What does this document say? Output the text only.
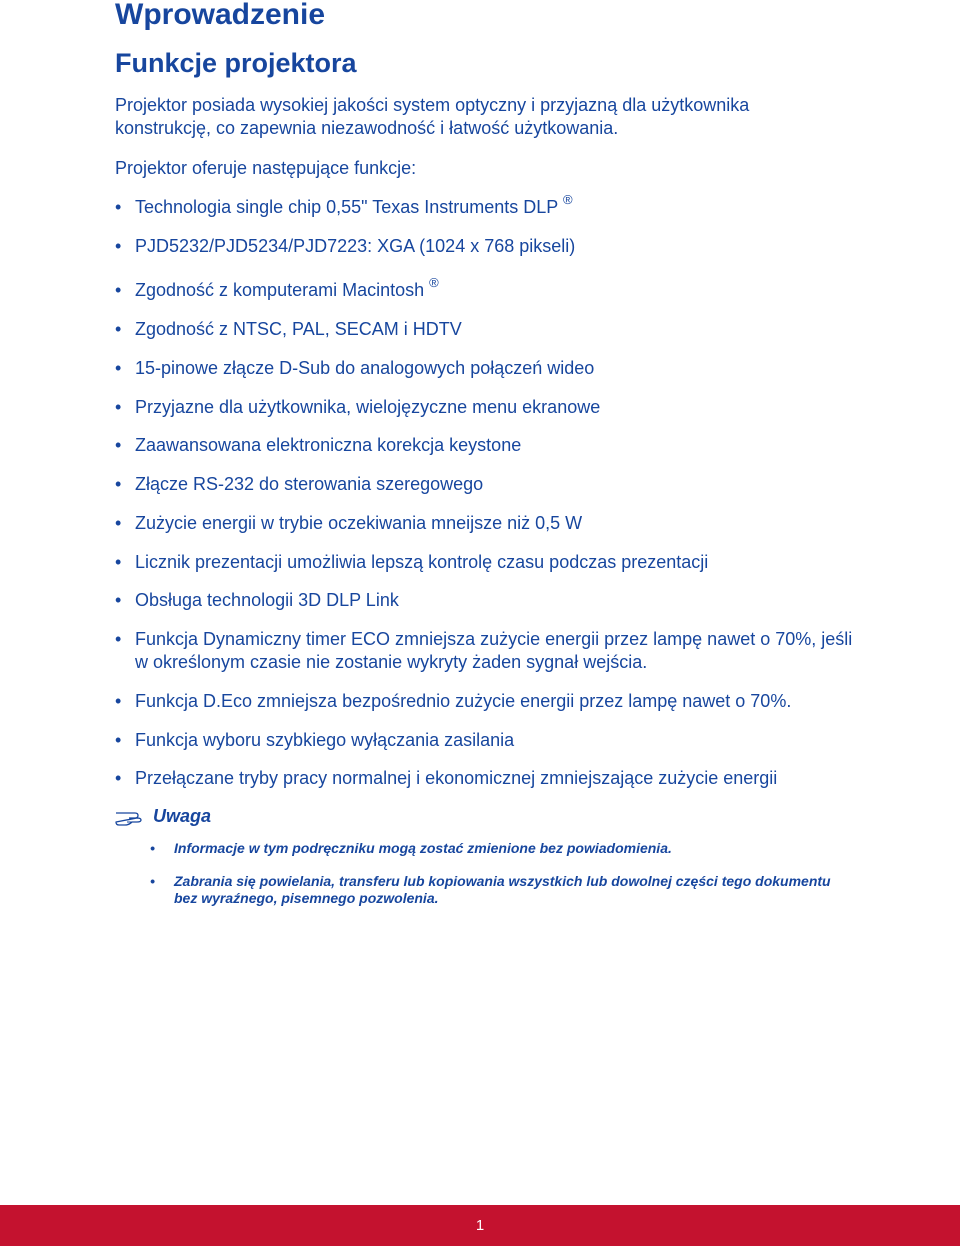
Wprowadzenie
Funkcje projektora

Projektor posiada wysokiej jakości system optyczny i przyjazną dla użytkownika konstrukcję, co zapewnia niezawodność i łatwość użytkowania.

Projektor oferuje następujące funkcje:

• Technologia single chip 0,55" Texas Instruments DLP ®
• PJD5232/PJD5234/PJD7223: XGA (1024 x 768 pikseli)
• Zgodność z komputerami Macintosh ®
• Zgodność z NTSC, PAL, SECAM i HDTV
• 15-pinowe złącze D-Sub do analogowych połączeń wideo
• Przyjazne dla użytkownika, wielojęzyczne menu ekranowe
• Zaawansowana elektroniczna korekcja keystone
• Złącze RS-232 do sterowania szeregowego
• Zużycie energii w trybie oczekiwania mneijsze niż 0,5 W
• Licznik prezentacji umożliwia lepszą kontrolę czasu podczas prezentacji
• Obsługa technologii 3D DLP Link
• Funkcja Dynamiczny timer ECO zmniejsza zużycie energii przez lampę nawet o 70%, jeśli w określonym czasie nie zostanie wykryty żaden sygnał wejścia.
• Funkcja D.Eco zmniejsza bezpośrednio zużycie energii przez lampę nawet o 70%.
• Funkcja wyboru szybkiego wyłączania zasilania
• Przełączane tryby pracy normalnej i ekonomicznej zmniejszające zużycie energii
Uwaga
• Informacje w tym podręczniku mogą zostać zmienione bez powiadomienia.
• Zabrania się powielania, transferu lub kopiowania wszystkich lub dowolnej części tego dokumentu bez wyraźnego, pisemnego pozwolenia.
1
